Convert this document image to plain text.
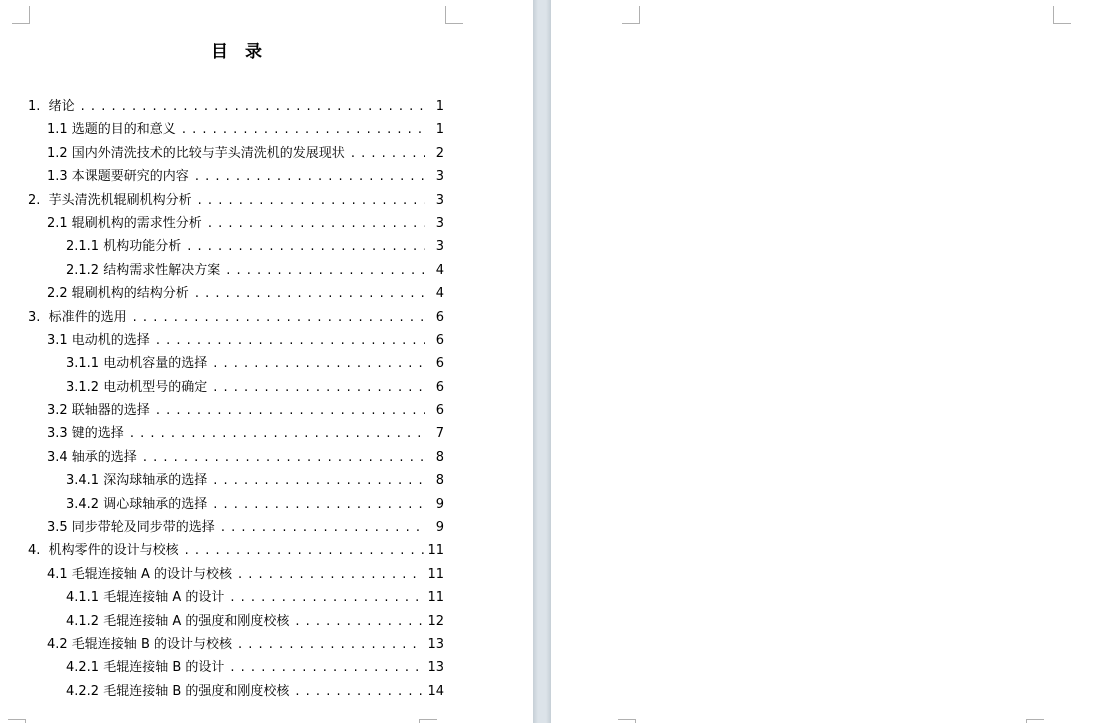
目　录
1.  绪论 . . .	1
1.1 选题的目的和意义 . . .	1
1.2 国内外清洗技术的比较与芋头清洗机的发展现状 . . .	2
1.3 本课题要研究的内容 . . .	3
2.  芋头清洗机辊刷机构分析 . . .	3
2.1 辊刷机构的需求性分析 . . .	3
2.1.1 机构功能分析 . . .	3
2.1.2 结构需求性解决方案 . . .	4
2.2 辊刷机构的结构分析 . . .	4
3.  标准件的选用 . . .	6
3.1 电动机的选择 . . .	6
3.1.1 电动机容量的选择 . . .	6
3.1.2 电动机型号的确定 . . .	6
3.2 联轴器的选择 . . .	6
3.3 键的选择 . . .	7
3.4 轴承的选择 . . .	8
3.4.1 深沟球轴承的选择 . . .	8
3.4.2 调心球轴承的选择 . . .	9
3.5 同步带轮及同步带的选择 . . .	9
4.  机构零件的设计与校核 . . .	11
4.1 毛辊连接轴 A 的设计与校核 . . .	11
4.1.1 毛辊连接轴 A 的设计 . . .	11
4.1.2 毛辊连接轴 A 的强度和刚度校核 . . .	12
4.2 毛辊连接轴 B 的设计与校核 . . .	13
4.2.1 毛辊连接轴 B 的设计 . . .	13
4.2.2 毛辊连接轴 B 的强度和刚度校核 . . .	14
